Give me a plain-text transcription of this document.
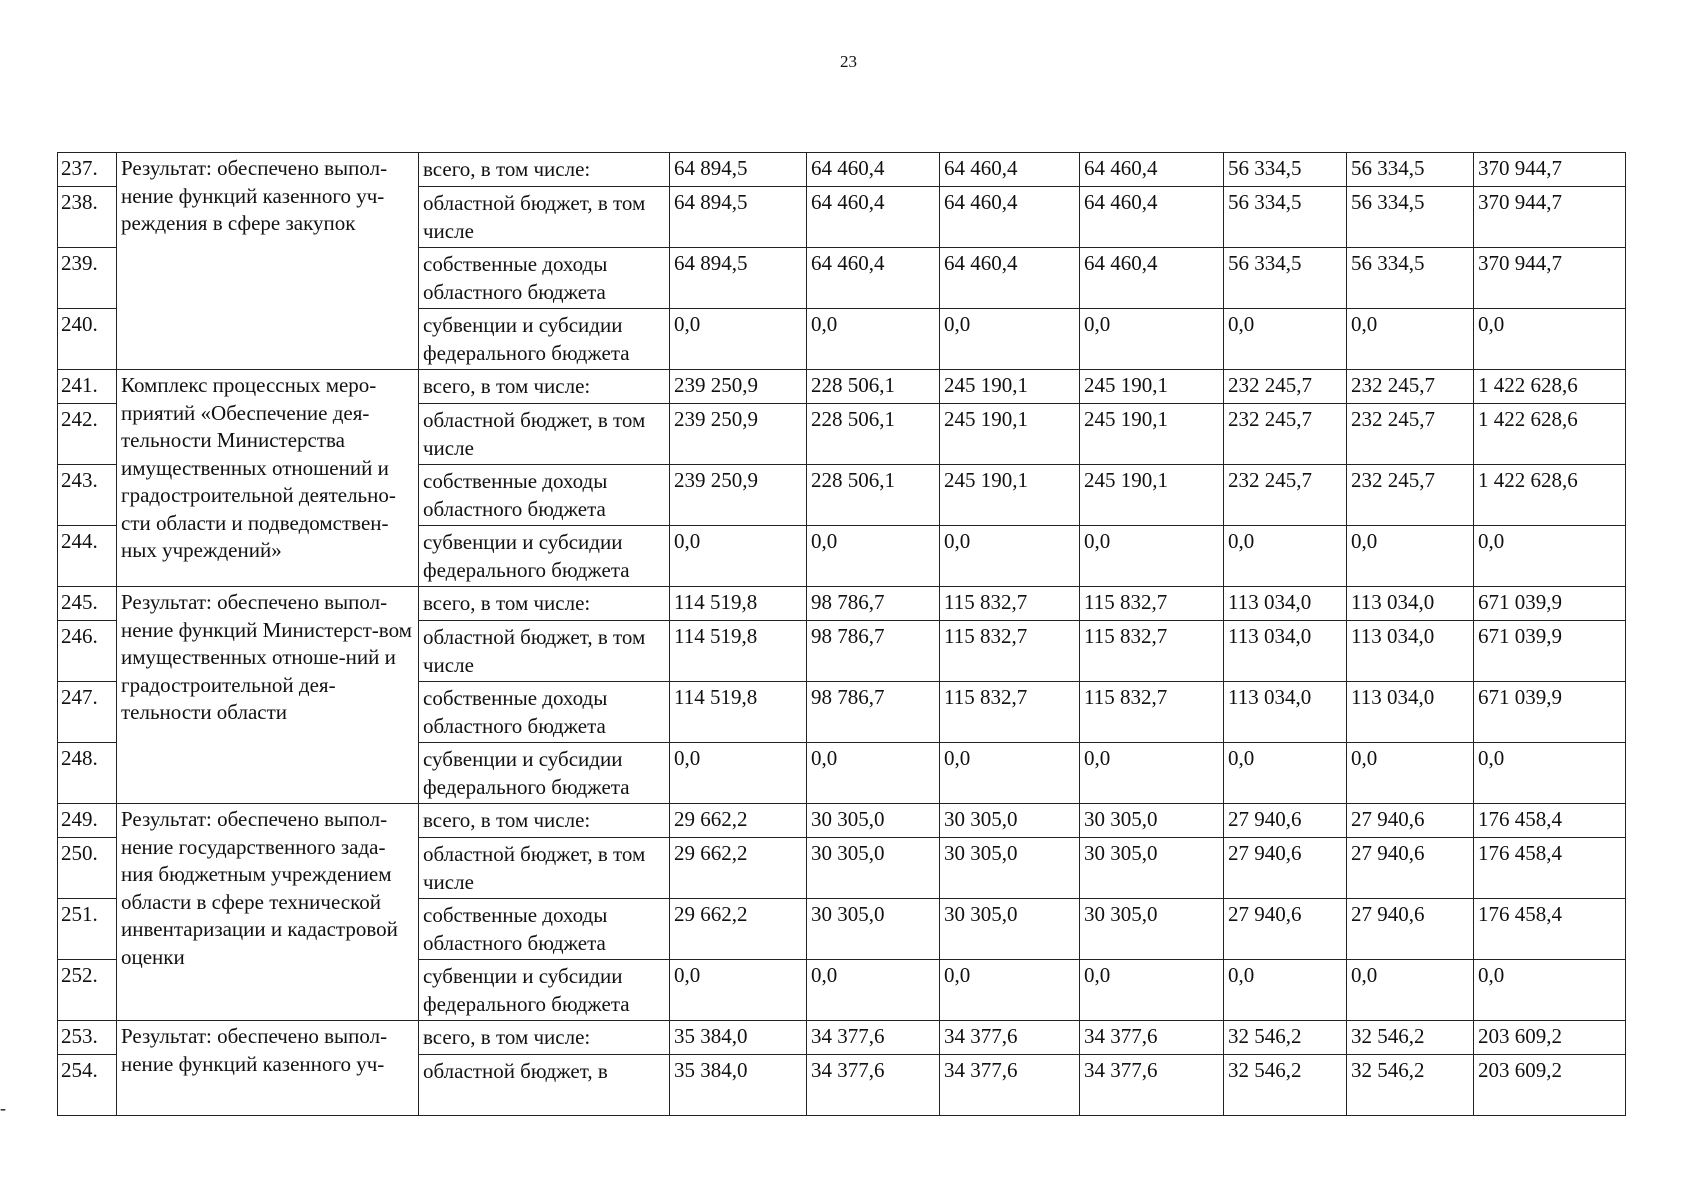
23
-
237.	Результат: обеспечено выпол-нение функций казенного уч-реждения в сфере закупок	всего, в том числе:	64 894,5	64 460,4	64 460,4	64 460,4	56 334,5	56 334,5	370 944,7
238.		областной бюджет, в том числе	64 894,5	64 460,4	64 460,4	64 460,4	56 334,5	56 334,5	370 944,7
239.		собственные доходы областного бюджета	64 894,5	64 460,4	64 460,4	64 460,4	56 334,5	56 334,5	370 944,7
240.		субвенции и субсидии федерального бюджета	0,0	0,0	0,0	0,0	0,0	0,0	0,0
241.	Комплекс процессных меро-приятий «Обеспечение дея-тельности Министерства имущественных отношений и градостроительной деятельно-сти области и подведомствен-ных учреждений»	всего, в том числе:	239 250,9	228 506,1	245 190,1	245 190,1	232 245,7	232 245,7	1 422 628,6
242.		областной бюджет, в том числе	239 250,9	228 506,1	245 190,1	245 190,1	232 245,7	232 245,7	1 422 628,6
243.		собственные доходы областного бюджета	239 250,9	228 506,1	245 190,1	245 190,1	232 245,7	232 245,7	1 422 628,6
244.		субвенции и субсидии федерального бюджета	0,0	0,0	0,0	0,0	0,0	0,0	0,0
245.	Результат: обеспечено выпол-нение функций Министерст-вом имущественных отноше-ний и градостроительной дея-тельности области	всего, в том числе:	114 519,8	98 786,7	115 832,7	115 832,7	113 034,0	113 034,0	671 039,9
246.		областной бюджет, в том числе	114 519,8	98 786,7	115 832,7	115 832,7	113 034,0	113 034,0	671 039,9
247.		собственные доходы областного бюджета	114 519,8	98 786,7	115 832,7	115 832,7	113 034,0	113 034,0	671 039,9
248.		субвенции и субсидии федерального бюджета	0,0	0,0	0,0	0,0	0,0	0,0	0,0
249.	Результат: обеспечено выпол-нение государственного зада-ния бюджетным учреждением области в сфере технической инвентаризации и кадастровой оценки	всего, в том числе:	29 662,2	30 305,0	30 305,0	30 305,0	27 940,6	27 940,6	176 458,4
250.		областной бюджет, в том числе	29 662,2	30 305,0	30 305,0	30 305,0	27 940,6	27 940,6	176 458,4
251.		собственные доходы областного бюджета	29 662,2	30 305,0	30 305,0	30 305,0	27 940,6	27 940,6	176 458,4
252.		субвенции и субсидии федерального бюджета	0,0	0,0	0,0	0,0	0,0	0,0	0,0
253.	Результат: обеспечено выпол-нение функций казенного уч-	всего, в том числе:	35 384,0	34 377,6	34 377,6	34 377,6	32 546,2	32 546,2	203 609,2
254.		областной бюджет, в	35 384,0	34 377,6	34 377,6	34 377,6	32 546,2	32 546,2	203 609,2
